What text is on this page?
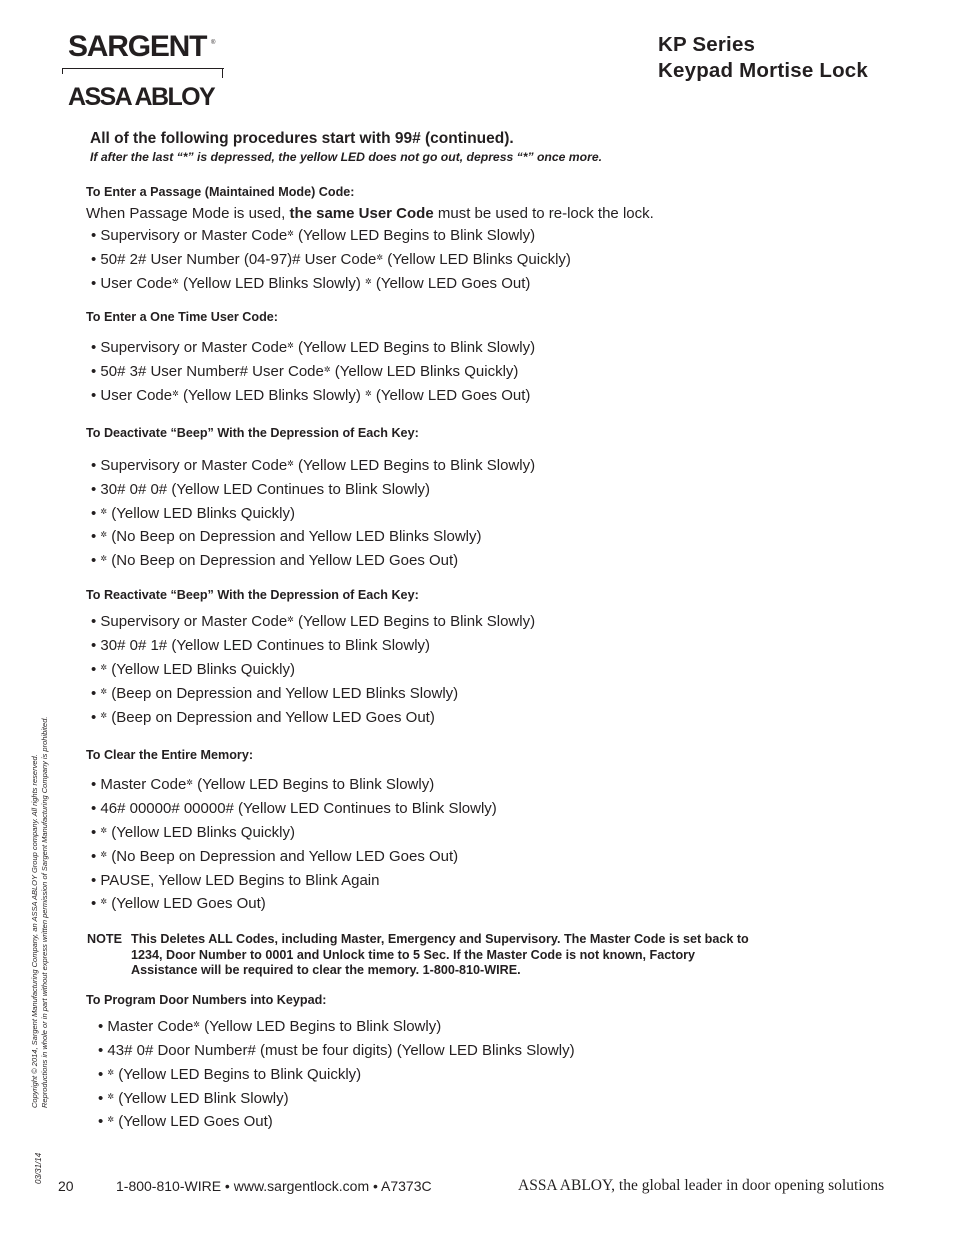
SARGENT ®
ASSA ABLOY
KP Series
Keypad Mortise Lock
All of the following procedures start with 99# (continued).
If after the last “*” is depressed, the yellow LED does not go out, depress “*” once more.
To Enter a Passage (Maintained Mode) Code:
When Passage Mode is used, the same User Code must be used to re-lock the lock.
To Enter a One Time User Code:
To Deactivate “Beep” With the Depression of Each Key:
To Reactivate “Beep” With the Depression of Each Key:
To Clear the Entire Memory:
NOTE This Deletes ALL Codes, including Master, Emergency and Supervisory. The Master Code is set back to 1234, Door Number to 0001 and Unlock time to 5 Sec. If the Master Code is not known, Factory Assistance will be required to clear the memory. 1-800-810-WIRE.
To Program Door Numbers into Keypad:
Copyright © 2014, Sargent Manufacturing Company, an ASSA ABLOY Group company. All rights reserved. Reproductions in whole or in part without express written permission of Sargent Manufacturing Company is prohibited.
03/31/14
20	1-800-810-WIRE • www.sargentlock.com • A7373C	ASSA ABLOY, the global leader in door opening solutions
• Supervisory or Master Code✲ (Yellow LED Begins to Blink Slowly)
• 50# 2# User Number (04-97)# User Code✲ (Yellow LED Blinks Quickly)
• User Code✲ (Yellow LED Blinks Slowly) ✲ (Yellow LED Goes Out)
• Supervisory or Master Code✲ (Yellow LED Begins to Blink Slowly)
• 50# 3# User Number# User Code✲ (Yellow LED Blinks Quickly)
• User Code✲ (Yellow LED Blinks Slowly) ✲ (Yellow LED Goes Out)
• Supervisory or Master Code✲ (Yellow LED Begins to Blink Slowly)
• 30# 0# 0# (Yellow LED Continues to Blink Slowly)
• ✲ (Yellow LED Blinks Quickly)
• ✲ (No Beep on Depression and Yellow LED Blinks Slowly)
• ✲ (No Beep on Depression and Yellow LED Goes Out)
• Supervisory or Master Code✲ (Yellow LED Begins to Blink Slowly)
• 30# 0# 1# (Yellow LED Continues to Blink Slowly)
• ✲ (Yellow LED Blinks Quickly)
• ✲ (Beep on Depression and Yellow LED Blinks Slowly)
• ✲ (Beep on Depression and Yellow LED Goes Out)
• Master Code✲ (Yellow LED Begins to Blink Slowly)
• 46# 00000# 00000# (Yellow LED Continues to Blink Slowly)
• ✲ (Yellow LED Blinks Quickly)
• ✲ (No Beep on Depression and Yellow LED Goes Out)
• PAUSE, Yellow LED Begins to Blink Again
• ✲ (Yellow LED Goes Out)
• Master Code✲ (Yellow LED Begins to Blink Slowly)
• 43# 0# Door Number# (must be four digits) (Yellow LED Blinks Slowly)
• ✲ (Yellow LED Begins to Blink Quickly)
• ✲ (Yellow LED Blink Slowly)
• ✲ (Yellow LED Goes Out)
